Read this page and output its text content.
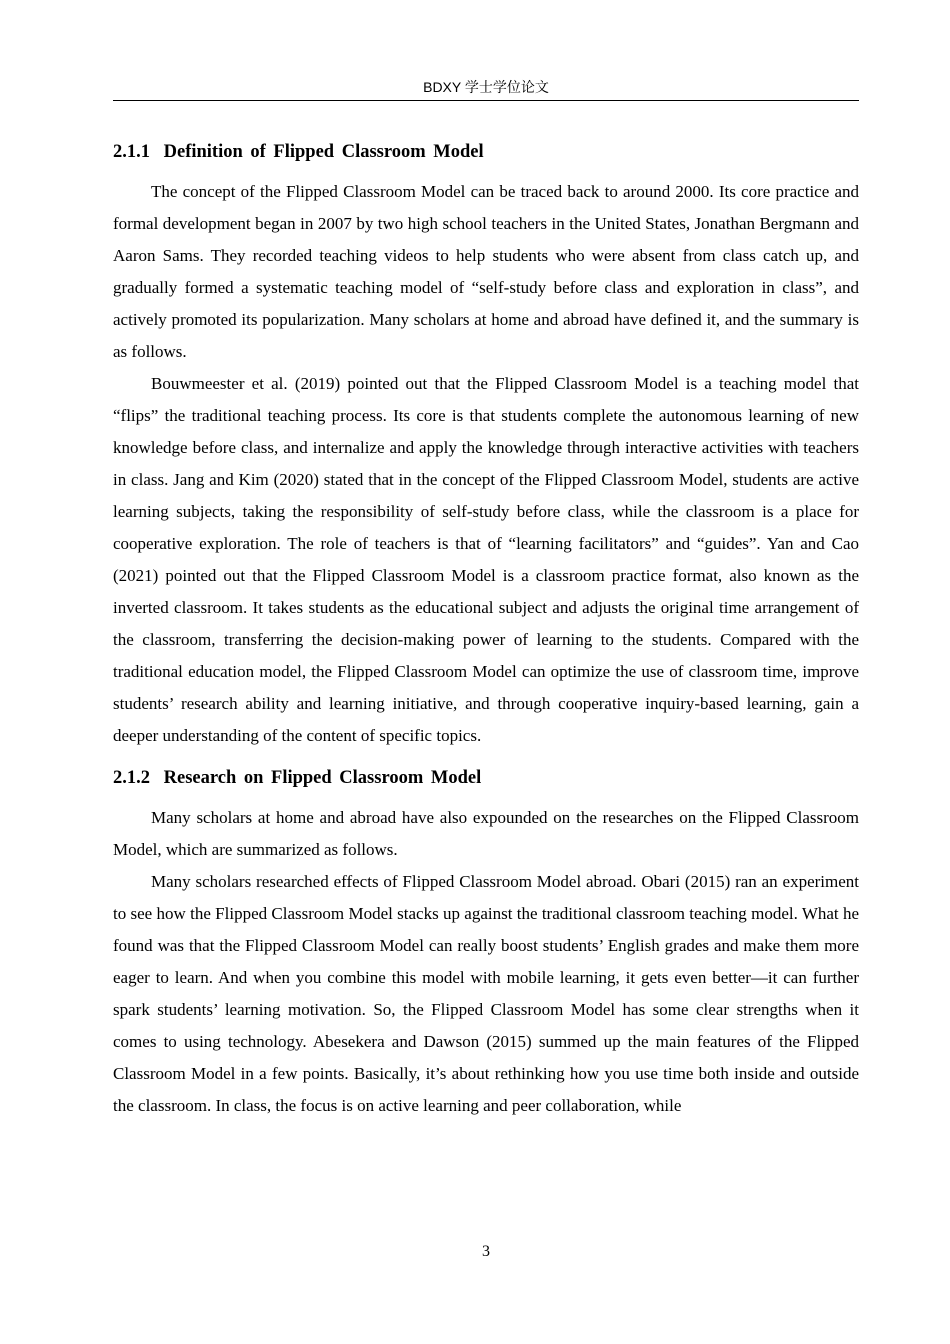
BDXY 学士学位论文
2.1.1 Definition of Flipped Classroom Model

The concept of the Flipped Classroom Model can be traced back to around 2000. Its core practice and formal development began in 2007 by two high school teachers in the United States, Jonathan Bergmann and Aaron Sams. They recorded teaching videos to help students who were absent from class catch up, and gradually formed a systematic teaching model of “self-study before class and exploration in class”, and actively promoted its popularization. Many scholars at home and abroad have defined it, and the summary is as follows.

Bouwmeester et al. (2019) pointed out that the Flipped Classroom Model is a teaching model that “flips” the traditional teaching process. Its core is that students complete the autonomous learning of new knowledge before class, and internalize and apply the knowledge through interactive activities with teachers in class. Jang and Kim (2020) stated that in the concept of the Flipped Classroom Model, students are active learning subjects, taking the responsibility of self-study before class, while the classroom is a place for cooperative exploration. The role of teachers is that of “learning facilitators” and “guides”. Yan and Cao (2021) pointed out that the Flipped Classroom Model is a classroom practice format, also known as the inverted classroom. It takes students as the educational subject and adjusts the original time arrangement of the classroom, transferring the decision-making power of learning to the students. Compared with the traditional education model, the Flipped Classroom Model can optimize the use of classroom time, improve students’ research ability and learning initiative, and through cooperative inquiry-based learning, gain a deeper understanding of the content of specific topics.

2.1.2 Research on Flipped Classroom Model

Many scholars at home and abroad have also expounded on the researches on the Flipped Classroom Model, which are summarized as follows.

Many scholars researched effects of Flipped Classroom Model abroad. Obari (2015) ran an experiment to see how the Flipped Classroom Model stacks up against the traditional classroom teaching model. What he found was that the Flipped Classroom Model can really boost students’ English grades and make them more eager to learn. And when you combine this model with mobile learning, it gets even better—it can further spark students’ learning motivation. So, the Flipped Classroom Model has some clear strengths when it comes to using technology. Abesekera and Dawson (2015) summed up the main features of the Flipped Classroom Model in a few points. Basically, it’s about rethinking how you use time both inside and outside the classroom. In class, the focus is on active learning and peer collaboration, while

3
